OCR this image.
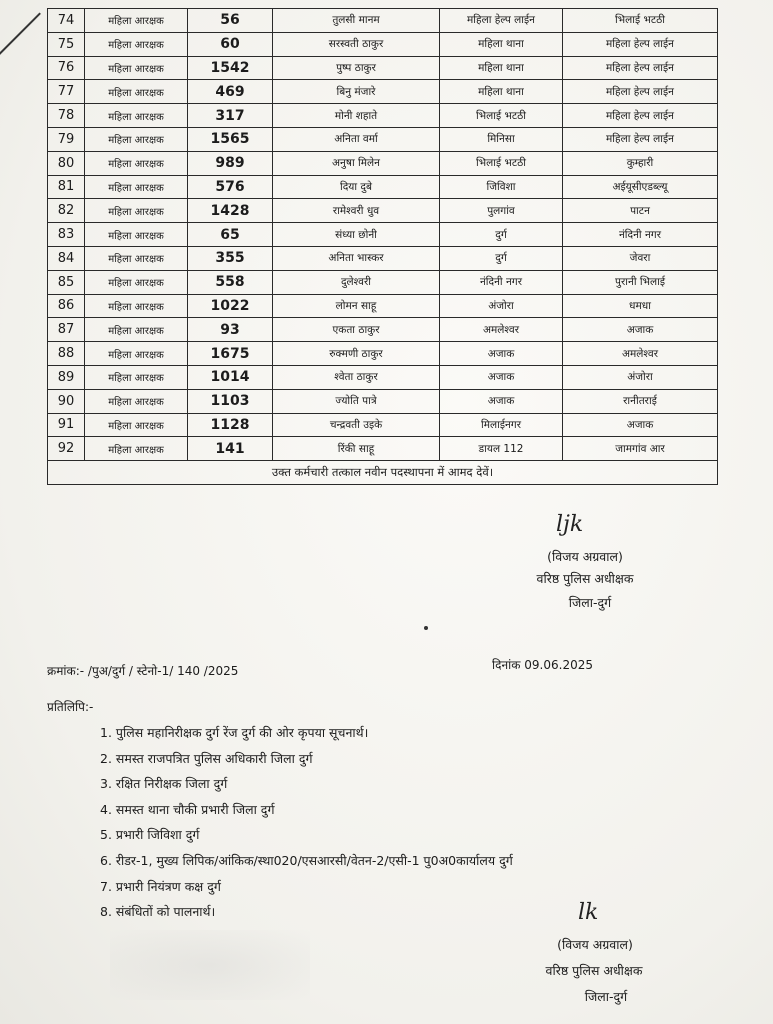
74	महिला आरक्षक	56	तुलसी मानम	महिला हेल्प लाईन	भिलाई भटठी
75	महिला आरक्षक	60	सरस्वती ठाकुर	महिला थाना	महिला हेल्प लाईन
76	महिला आरक्षक	1542	पुष्प ठाकुर	महिला थाना	महिला हेल्प लाईन
77	महिला आरक्षक	469	बिनु मंजारे	महिला थाना	महिला हेल्प लाईन
78	महिला आरक्षक	317	मोनी शहाते	भिलाई भटठी	महिला हेल्प लाईन
79	महिला आरक्षक	1565	अनिता वर्मा	मिनिसा	महिला हेल्प लाईन
80	महिला आरक्षक	989	अनुषा मिलेन	भिलाई भटठी	कुम्हारी
81	महिला आरक्षक	576	दिया दुबे	जिविशा	अईयूसीएडब्ल्यू
82	महिला आरक्षक	1428	रामेश्वरी धुव	पुलगांव	पाटन
83	महिला आरक्षक	65	संध्या छोनी	दुर्ग	नंदिनी नगर
84	महिला आरक्षक	355	अनिता भास्कर	दुर्ग	जेवरा
85	महिला आरक्षक	558	दुलेश्वरी	नंदिनी नगर	पुरानी भिलाई
86	महिला आरक्षक	1022	लोमन साहू	अंजोरा	धमधा
87	महिला आरक्षक	93	एकता ठाकुर	अमलेश्वर	अजाक
88	महिला आरक्षक	1675	रुक्मणी ठाकुर	अजाक	अमलेश्वर
89	महिला आरक्षक	1014	श्वेता ठाकुर	अजाक	अंजोरा
90	महिला आरक्षक	1103	ज्योति पात्रे	अजाक	रानीतराई
91	महिला आरक्षक	1128	चन्द्रवती उइके	मिलाईनगर	अजाक
92	महिला आरक्षक	141	रिंकी साहू	डायल 112	जामगांव आर
उक्त कर्मचारी तत्काल नवीन पदस्थापना में आमद देवें।					
ljk
(विजय अग्रवाल)
वरिष्ठ पुलिस अधीक्षक
जिला-दुर्ग
क्रमांक:- /पुअ/दुर्ग / स्टेनो-1/ 140 /2025	दिनांक 09.06.2025
प्रतिलिपि:-
1. पुलिस महानिरीक्षक दुर्ग रेंज दुर्ग की ओर कृपया सूचनार्थ।
2. समस्त राजपत्रित पुलिस अधिकारी जिला दुर्ग
3. रक्षित निरीक्षक जिला दुर्ग
4. समस्त थाना चौकी प्रभारी जिला दुर्ग
5. प्रभारी जिविशा दुर्ग
6. रीडर-1, मुख्य लिपिक/आंकिक/स्था020/एसआरसी/वेतन-2/एसी-1 पु0अ0कार्यालय दुर्ग
7. प्रभारी नियंत्रण कक्ष दुर्ग
8. संबंधितों को पालनार्थ।	lk
(विजय अग्रवाल)
वरिष्ठ पुलिस अधीक्षक
जिला-दुर्ग
